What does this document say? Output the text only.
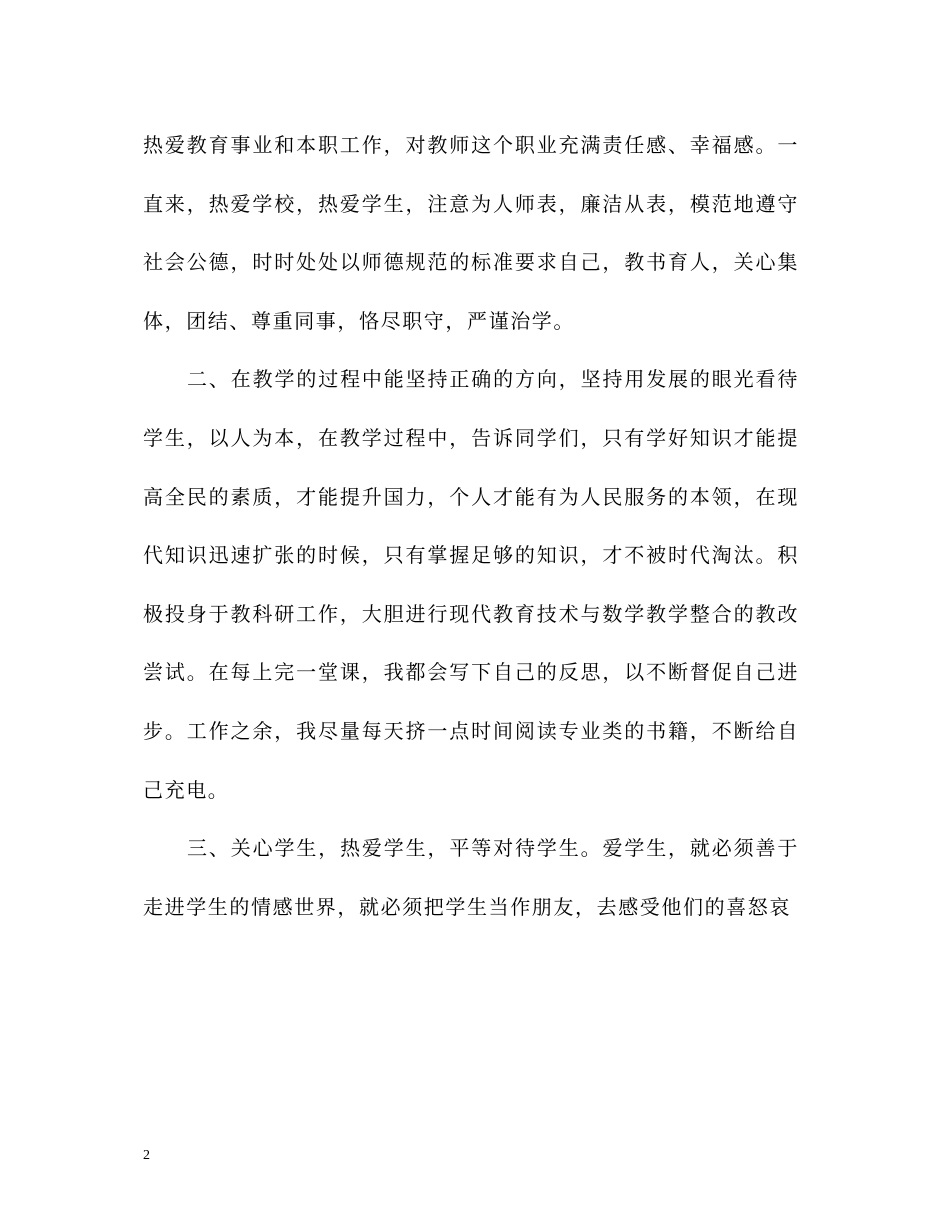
热爱教育事业和本职工作，对教师这个职业充满责任感、幸福感。一直来，热爱学校，热爱学生，注意为人师表，廉洁从表，模范地遵守社会公德，时时处处以师德规范的标准要求自己，教书育人，关心集体，团结、尊重同事，恪尽职守，严谨治学。

二、在教学的过程中能坚持正确的方向，坚持用发展的眼光看待学生，以人为本，在教学过程中，告诉同学们，只有学好知识才能提高全民的素质，才能提升国力，个人才能有为人民服务的本领，在现代知识迅速扩张的时候，只有掌握足够的知识，才不被时代淘汰。积极投身于教科研工作，大胆进行现代教育技术与数学教学整合的教改尝试。在每上完一堂课，我都会写下自己的反思，以不断督促自己进步。工作之余，我尽量每天挤一点时间阅读专业类的书籍，不断给自己充电。

三、关心学生，热爱学生，平等对待学生。爱学生，就必须善于走进学生的情感世界，就必须把学生当作朋友，去感受他们的喜怒哀

2
